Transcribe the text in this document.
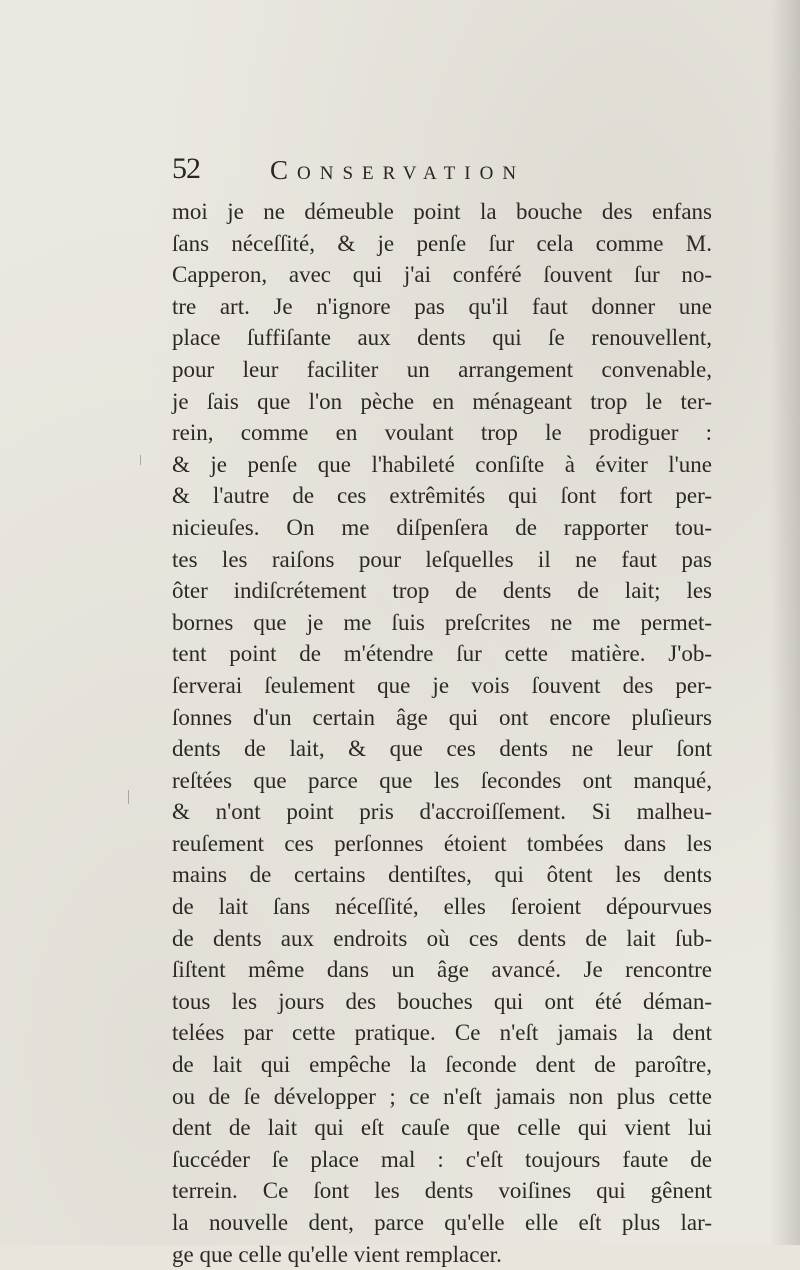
52	Conservation
moi je ne démeuble point la bouche des enfans
ſans néceſſité, & je penſe ſur cela comme M.
Capperon, avec qui j'ai conféré ſouvent ſur no-
tre art. Je n'ignore pas qu'il faut donner une
place ſuffiſante aux dents qui ſe renouvellent,
pour leur faciliter un arrangement convenable,
je ſais que l'on pèche en ménageant trop le ter-
rein, comme en voulant trop le prodiguer :
& je penſe que l'habileté conſiſte à éviter l'une
& l'autre de ces extrêmités qui ſont fort per-
nicieuſes. On me diſpenſera de rapporter tou-
tes les raiſons pour leſquelles il ne faut pas
ôter indiſcrétement trop de dents de lait; les
bornes que je me ſuis preſcrites ne me permet-
tent point de m'étendre ſur cette matière. J'ob-
ſerverai ſeulement que je vois ſouvent des per-
ſonnes d'un certain âge qui ont encore pluſieurs
dents de lait, & que ces dents ne leur ſont
reſtées que parce que les ſecondes ont manqué,
& n'ont point pris d'accroiſſement. Si malheu-
reuſement ces perſonnes étoient tombées dans les
mains de certains dentiſtes, qui ôtent les dents
de lait ſans néceſſité, elles ſeroient dépourvues
de dents aux endroits où ces dents de lait ſub-
ſiſtent même dans un âge avancé. Je rencontre
tous les jours des bouches qui ont été déman-
telées par cette pratique. Ce n'eſt jamais la dent
de lait qui empêche la ſeconde dent de paroître,
ou de ſe développer ; ce n'eſt jamais non plus cette
dent de lait qui eſt cauſe que celle qui vient lui
ſuccéder ſe place mal : c'eſt toujours faute de
terrein. Ce ſont les dents voiſines qui gênent
la nouvelle dent, parce qu'elle elle eſt plus lar-
ge que celle qu'elle vient remplacer.
